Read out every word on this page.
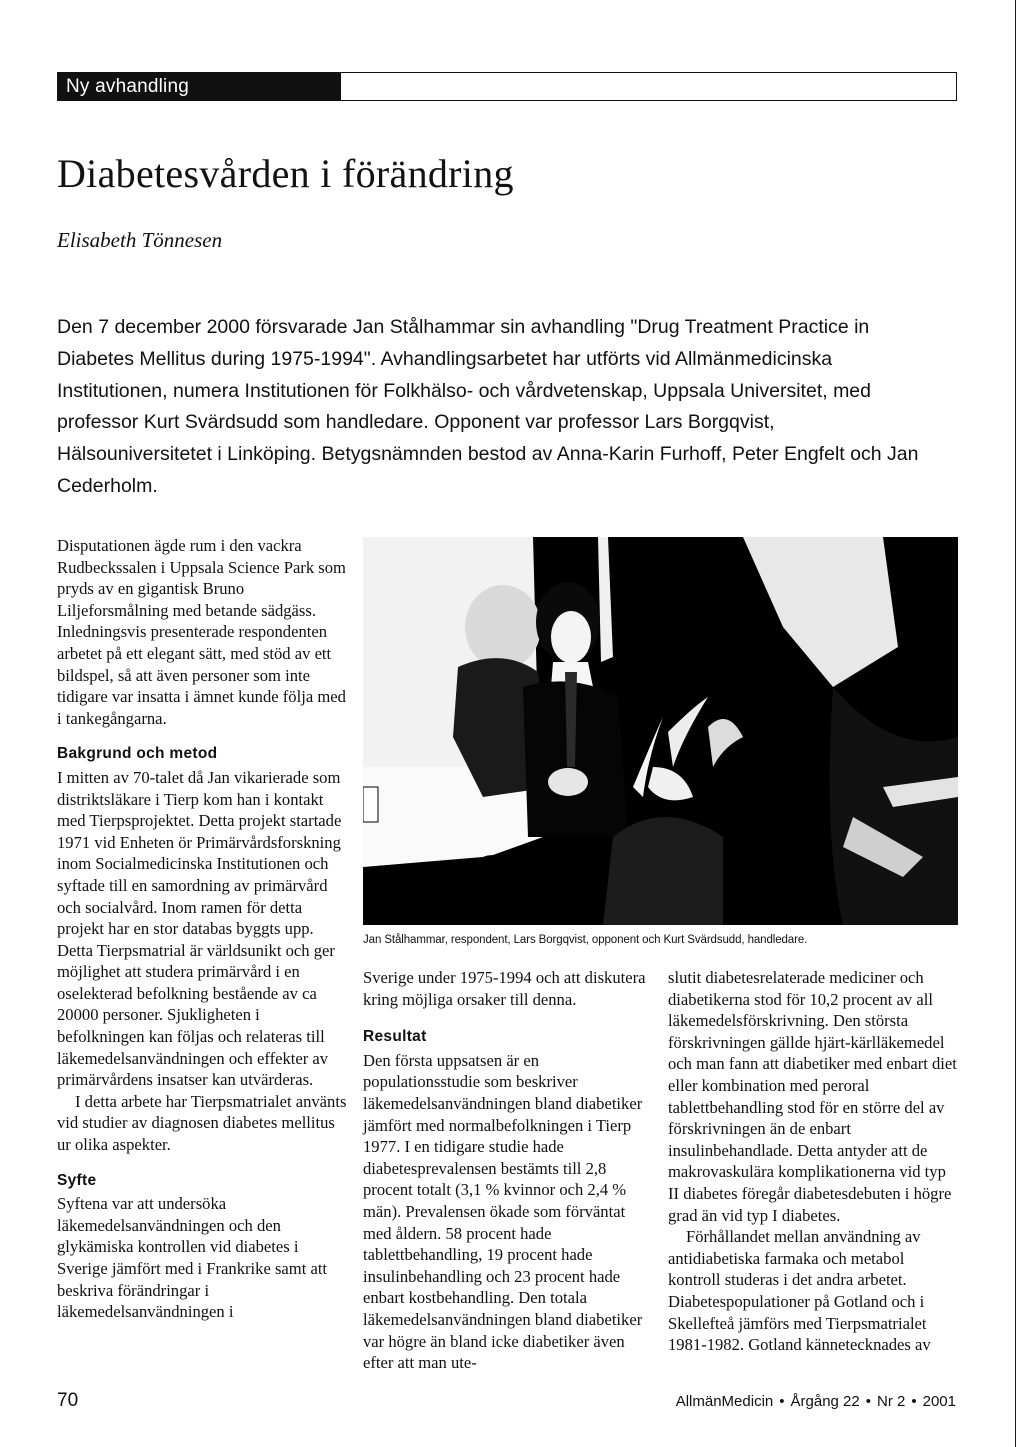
Ny avhandling
Diabetesvården i förändring
Elisabeth Tönnesen

Den 7 december 2000 försvarade Jan Stålhammar sin avhandling "Drug Treatment Practice in Diabetes Mellitus during 1975-1994". Avhandlingsarbetet har utförts vid Allmänmedicinska Institutionen, numera Institutionen för Folkhälso- och vårdvetenskap, Uppsala Universitet, med professor Kurt Svärdsudd som handledare. Opponent var professor Lars Borgqvist, Hälsouniversitetet i Linköping. Betygsnämnden bestod av Anna-Karin Furhoff, Peter Engfelt och Jan Cederholm.

Disputationen ägde rum i den vackra Rudbeckssalen i Uppsala Science Park som pryds av en gigantisk Bruno Liljeforsmålning med betande sädgäss. Inledningsvis presenterade respondenten arbetet på ett elegant sätt, med stöd av ett bildspel, så att även personer som inte tidigare var insatta i ämnet kunde följa med i tankegångarna.

Bakgrund och metod

I mitten av 70-talet då Jan vikarierade som distriktsläkare i Tierp kom han i kontakt med Tierpsprojektet. Detta projekt startade 1971 vid Enheten ör Primärvårdsforskning inom Socialmedicinska Institutionen och syftade till en samordning av primärvård och socialvård. Inom ramen för detta projekt har en stor databas byggts upp. Detta Tierpsmatrial är världsunikt och ger möjlighet att studera primärvård i en oselekterad befolkning bestående av ca 20000 personer. Sjukligheten i befolkningen kan följas och relateras till läkemedelsanvändningen och effekter av primärvårdens insatser kan utvärderas.

I detta arbete har Tierpsmatrialet använts vid studier av diagnosen diabetes mellitus ur olika aspekter.

Syfte

Syftena var att undersöka läkemedelsanvändningen och den glykämiska kontrollen vid diabetes i Sverige jämfört med i Frankrike samt att beskriva förändringar i läkemedelsanvändningen i

Jan Stålhammar, respondent, Lars Borgqvist, opponent och Kurt Svärdsudd, handledare.

Sverige under 1975-1994 och att diskutera kring möjliga orsaker till denna.

Resultat

Den första uppsatsen är en populationsstudie som beskriver läkemedelsanvändningen bland diabetiker jämfört med normalbefolkningen i Tierp 1977. I en tidigare studie hade diabetesprevalensen bestämts till 2,8 procent totalt (3,1 % kvinnor och 2,4 % män). Prevalensen ökade som förväntat med åldern. 58 procent hade tablettbehandling, 19 procent hade insulinbehandling och 23 procent hade enbart kostbehandling. Den totala läkemedelsanvändningen bland diabetiker var högre än bland icke diabetiker även efter att man ute-

slutit diabetesrelaterade mediciner och diabetikerna stod för 10,2 procent av all läkemedelsförskrivning. Den största förskrivningen gällde hjärt-kärlläkemedel och man fann att diabetiker med enbart diet eller kombination med peroral tablettbehandling stod för en större del av förskrivningen än de enbart insulinbehandlade. Detta antyder att de makrovaskulära komplikationerna vid typ II diabetes föregår diabetesdebuten i högre grad än vid typ I diabetes.

Förhållandet mellan användning av antidiabetiska farmaka och metabol kontroll studeras i det andra arbetet. Diabetespopulationer på Gotland och i Skellefteå jämförs med Tierpsmatrialet 1981-1982. Gotland kännetecknades av

70	AllmänMedicin • Årgång 22 • Nr 2 • 2001
